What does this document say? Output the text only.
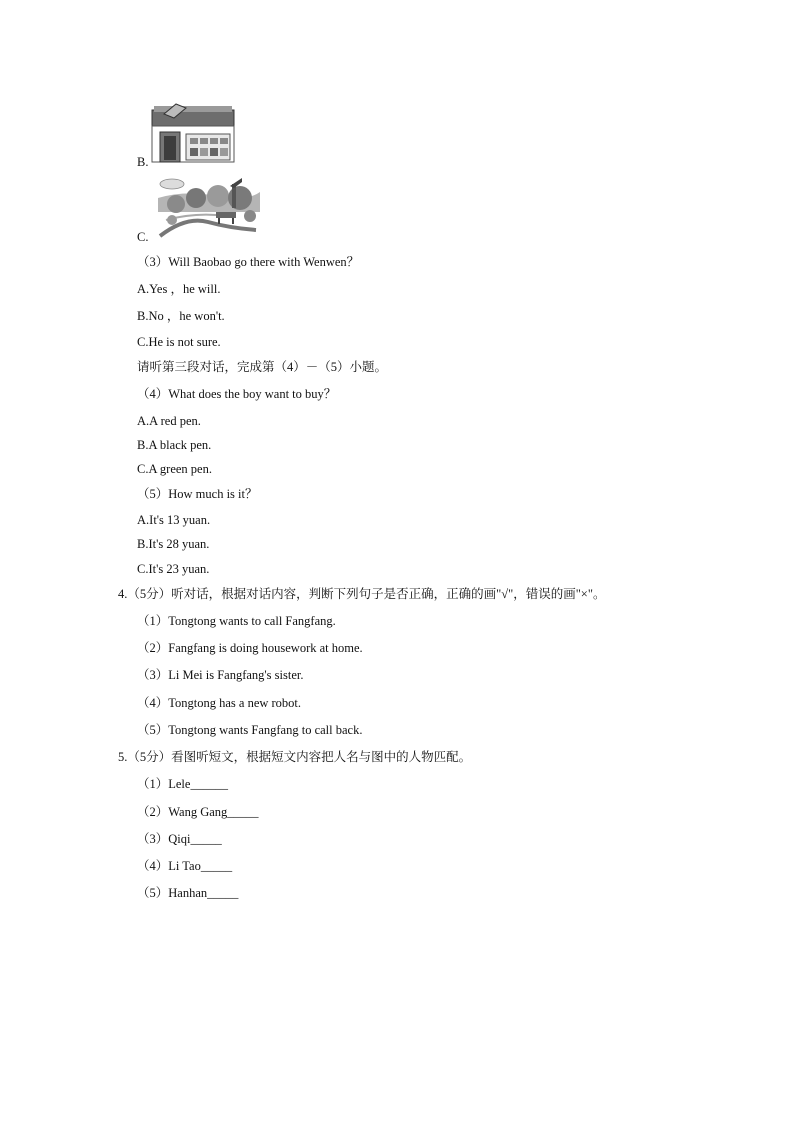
B.
C.
（3）Will Baobao go there with Wenwen？
A.Yes ，he will.
B.No ，he won't.
C.He is not sure.
请听第三段对话，完成第（4）－（5）小题。
（4）What does the boy want to buy？
A.A red pen.
B.A black pen.
C.A green pen.
（5）How much is it？
A.It's 13 yuan.
B.It's 28 yuan.
C.It's 23 yuan.
4.（5分）听对话，根据对话内容，判断下列句子是否正确，正确的画"√"，错误的画"×"。
（1）Tongtong wants to call Fangfang.
（2）Fangfang is doing housework at home.
（3）Li Mei is Fangfang's sister.
（4）Tongtong has a new robot.
（5）Tongtong wants Fangfang to call back.
5.（5分）看图听短文，根据短文内容把人名与图中的人物匹配。
（1）Lele______
（2）Wang Gang_____
（3）Qiqi_____
（4）Li Tao_____
（5）Hanhan_____
